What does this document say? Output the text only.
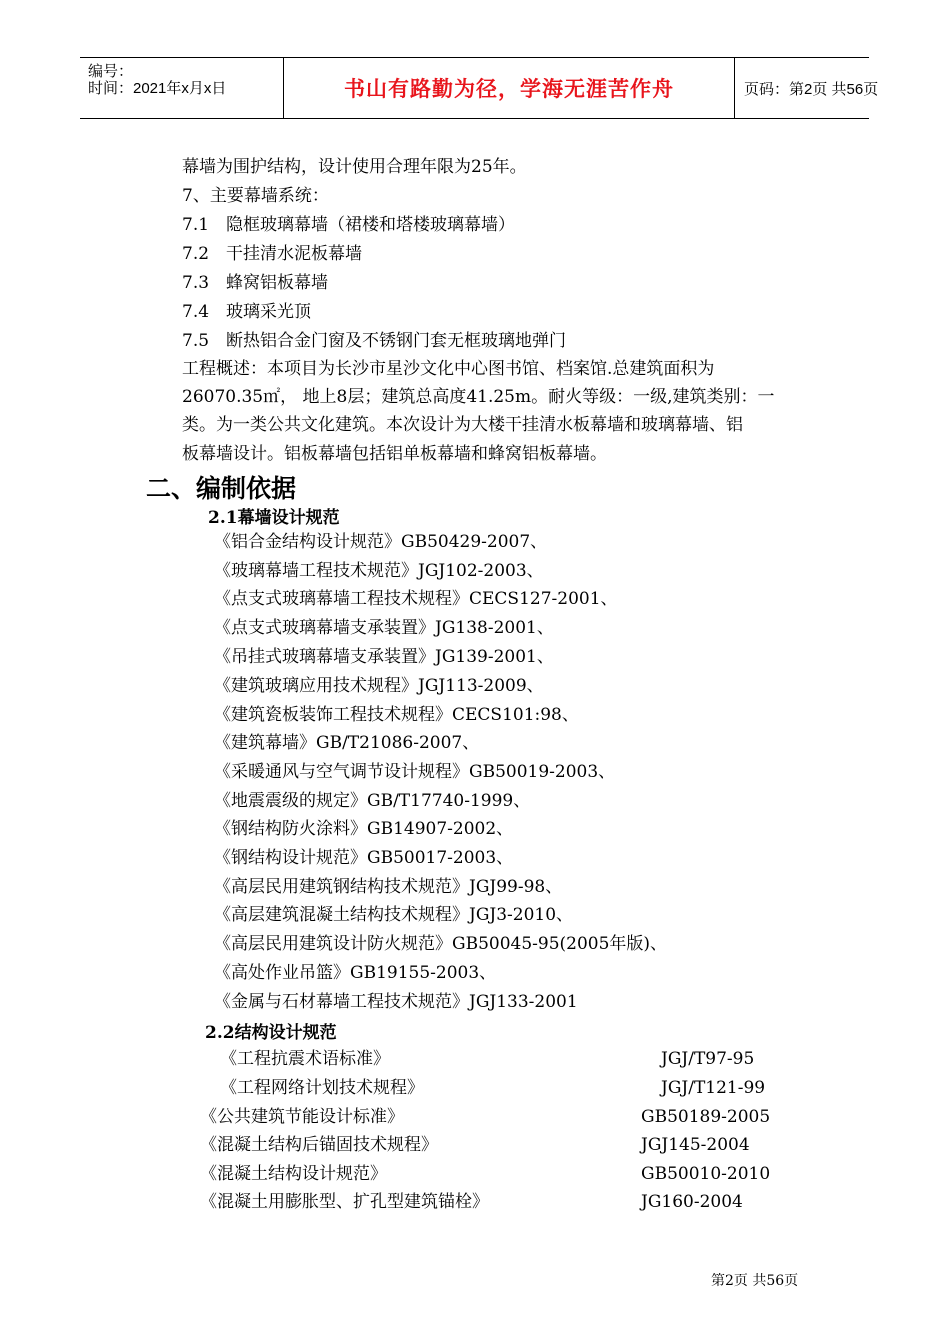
编号：
时间：2021年x月x日	书山有路勤为径，学海无涯苦作舟	页码：第2页 共56页
幕墙为围护结构，设计使用合理年限为25年。
7、主要幕墙系统：
7.1　隐框玻璃幕墙（裙楼和塔楼玻璃幕墙）
7.2　干挂清水泥板幕墙
7.3　蜂窝铝板幕墙
7.4　玻璃采光顶
7.5　断热铝合金门窗及不锈钢门套无框玻璃地弹门
工程概述：本项目为长沙市星沙文化中心图书馆、档案馆.总建筑面积为
26070.35㎡， 地上8层；建筑总高度41.25m。耐火等级：一级,建筑类别：一
类。为一类公共文化建筑。本次设计为大楼干挂清水板幕墙和玻璃幕墙、铝
板幕墙设计。铝板幕墙包括铝单板幕墙和蜂窝铝板幕墙。
二、编制依据
2.1幕墙设计规范
《铝合金结构设计规范》GB50429-2007、
《玻璃幕墙工程技术规范》JGJ102-2003、
《点支式玻璃幕墙工程技术规程》CECS127-2001、
《点支式玻璃幕墙支承装置》JG138-2001、
《吊挂式玻璃幕墙支承装置》JG139-2001、
《建筑玻璃应用技术规程》JGJ113-2009、
《建筑瓷板装饰工程技术规程》CECS101:98、
《建筑幕墙》GB/T21086-2007、
《采暖通风与空气调节设计规程》GB50019-2003、
《地震震级的规定》GB/T17740-1999、
《钢结构防火涂料》GB14907-2002、
《钢结构设计规范》GB50017-2003、
《高层民用建筑钢结构技术规范》JGJ99-98、
《高层建筑混凝土结构技术规程》JGJ3-2010、
《高层民用建筑设计防火规范》GB50045-95(2005年版)、
《高处作业吊篮》GB19155-2003、
《金属与石材幕墙工程技术规范》JGJ133-2001
2.2结构设计规范
《工程抗震术语标准》	JGJ/T97-95
《工程网络计划技术规程》	JGJ/T121-99
《公共建筑节能设计标准》	GB50189-2005
《混凝土结构后锚固技术规程》	JGJ145-2004
《混凝土结构设计规范》	GB50010-2010
《混凝土用膨胀型、扩孔型建筑锚栓》	JG160-2004
第2页 共56页
